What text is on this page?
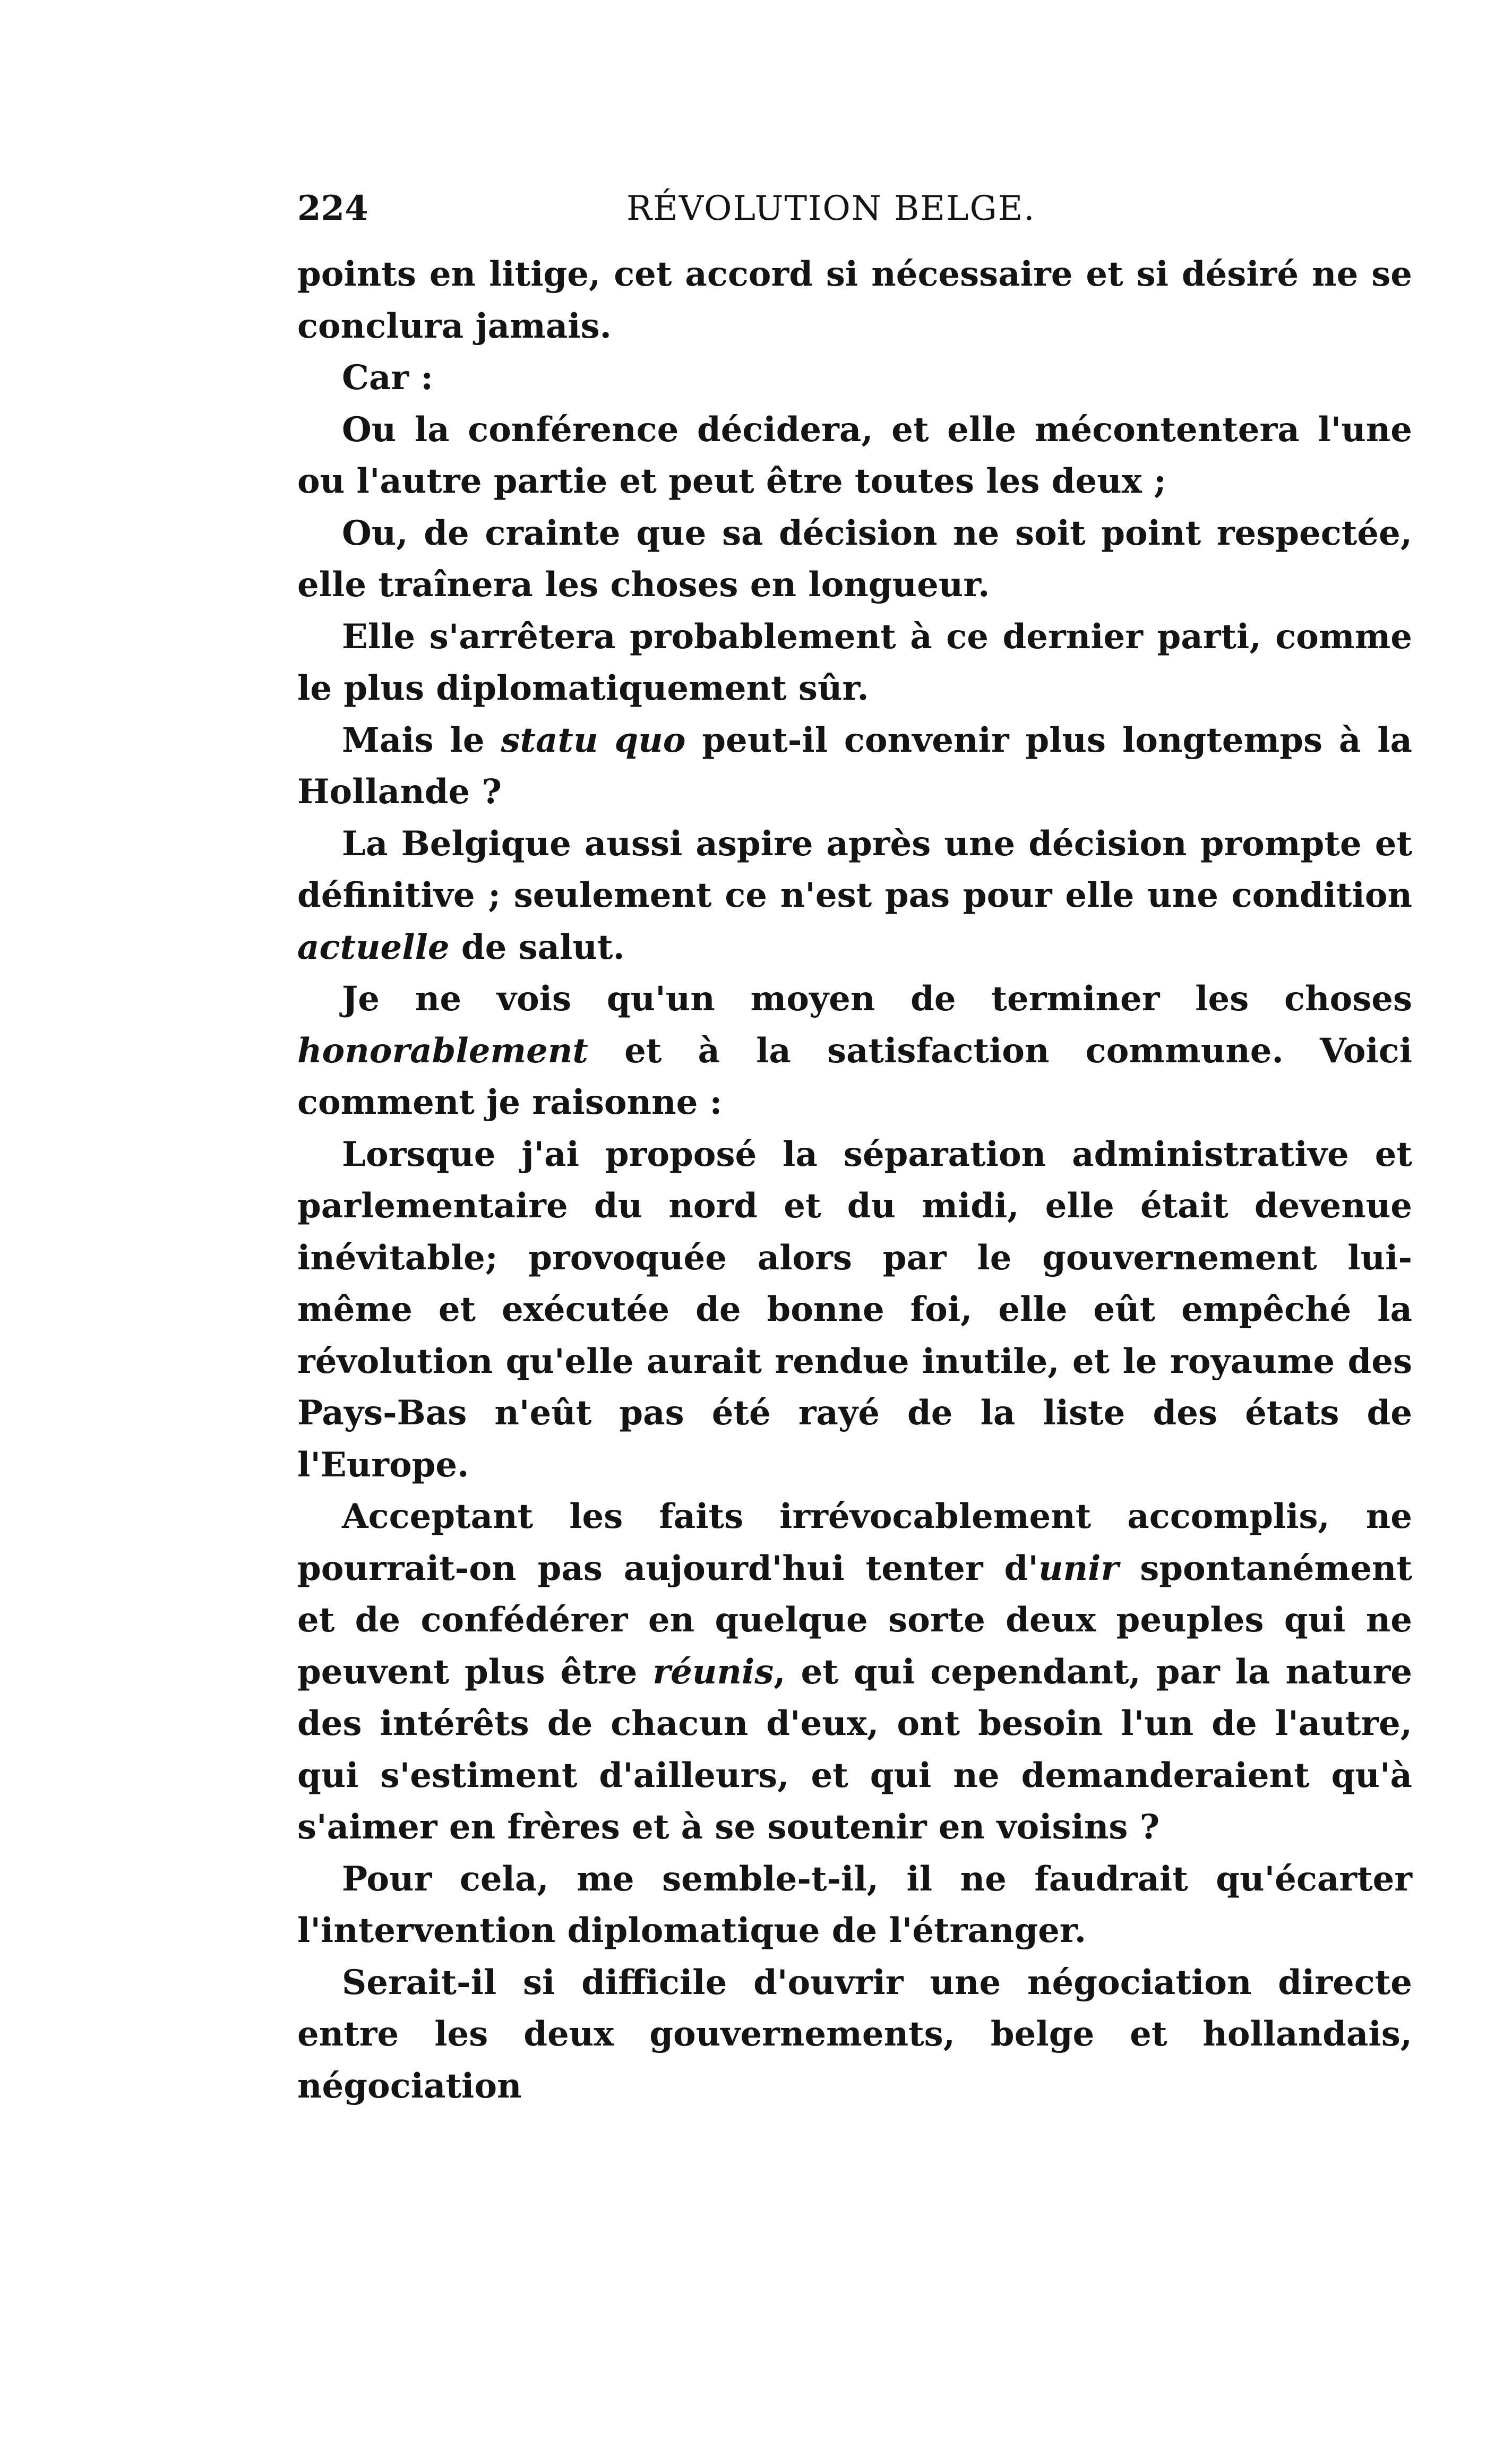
224	RÉVOLUTION BELGE.

points en litige, cet accord si nécessaire et si désiré ne se conclura jamais.

Car :

Ou la conférence décidera, et elle mécontentera l'une ou l'autre partie et peut être toutes les deux ;

Ou, de crainte que sa décision ne soit point respectée, elle traînera les choses en longueur.

Elle s'arrêtera probablement à ce dernier parti, comme le plus diplomatiquement sûr.

Mais le statu quo peut-il convenir plus longtemps à la Hollande ?

La Belgique aussi aspire après une décision prompte et définitive ; seulement ce n'est pas pour elle une condition actuelle de salut.

Je ne vois qu'un moyen de terminer les choses honorablement et à la satisfaction commune. Voici comment je raisonne :

Lorsque j'ai proposé la séparation administrative et parlementaire du nord et du midi, elle était devenue inévitable; provoquée alors par le gouvernement lui-même et exécutée de bonne foi, elle eût empêché la révolution qu'elle aurait rendue inutile, et le royaume des Pays-Bas n'eût pas été rayé de la liste des états de l'Europe.

Acceptant les faits irrévocablement accomplis, ne pourrait-on pas aujourd'hui tenter d'unir spontanément et de confédérer en quelque sorte deux peuples qui ne peuvent plus être réunis, et qui cependant, par la nature des intérêts de chacun d'eux, ont besoin l'un de l'autre, qui s'estiment d'ailleurs, et qui ne demanderaient qu'à s'aimer en frères et à se soutenir en voisins ?

Pour cela, me semble-t-il, il ne faudrait qu'écarter l'intervention diplomatique de l'étranger.

Serait-il si difficile d'ouvrir une négociation directe entre les deux gouvernements, belge et hollandais, négociation
